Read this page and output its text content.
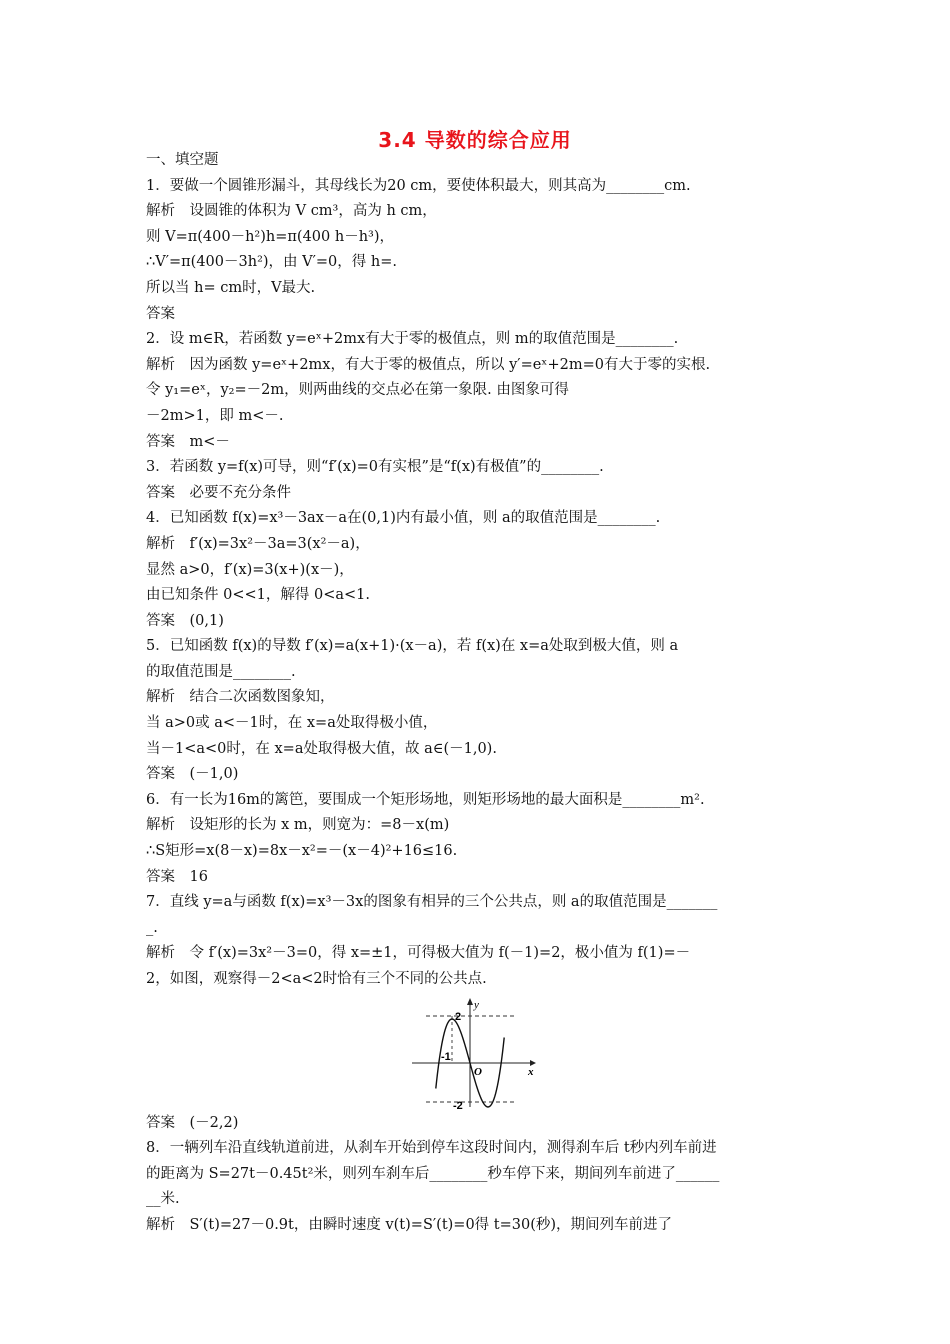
3.4 导数的综合应用
一、填空题
1．要做一个圆锥形漏斗，其母线长为20 cm，要使体积最大，则其高为________cm.
解析　设圆锥的体积为 V cm³，高为 h cm，
则 V=π(400－h²)h=π(400 h－h³)，
∴V′=π(400－3h²)，由 V′=0，得 h=.
所以当 h= cm时，V最大.
答案
2．设 m∈R，若函数 y=eˣ+2mx有大于零的极值点，则 m的取值范围是________.
解析　因为函数 y=eˣ+2mx，有大于零的极值点，所以 y′=eˣ+2m=0有大于零的实根.
令 y₁=eˣ，y₂=－2m，则两曲线的交点必在第一象限. 由图象可得
－2m>1，即 m<－.
答案　m<－
3．若函数 y=f(x)可导，则“f′(x)=0有实根”是“f(x)有极值”的________.
答案　必要不充分条件
4．已知函数 f(x)=x³－3ax－a在(0,1)内有最小值，则 a的取值范围是________.
解析　f′(x)=3x²－3a=3(x²－a)，
显然 a>0，f′(x)=3(x+)(x－)，
由已知条件 0<<1，解得 0<a<1.
答案　(0,1)
5．已知函数 f(x)的导数 f′(x)=a(x+1)·(x－a)，若 f(x)在 x=a处取到极大值，则 a
的取值范围是________.
解析　结合二次函数图象知，
当 a>0或 a<－1时，在 x=a处取得极小值，
当－1<a<0时，在 x=a处取得极大值，故 a∈(－1,0).
答案　(－1,0)
6．有一长为16m的篱笆，要围成一个矩形场地，则矩形场地的最大面积是________m².
解析　设矩形的长为 x m，则宽为：=8－x(m)
∴S矩形=x(8－x)=8x－x²=－(x－4)²+16≤16.
答案　16
7．直线 y=a与函数 f(x)=x³－3x的图象有相异的三个公共点，则 a的取值范围是_______
_.
解析　令 f′(x)=3x²－3=0，得 x=±1，可得极大值为 f(－1)=2，极小值为 f(1)=－
2，如图，观察得－2<a<2时恰有三个不同的公共点.
y
x
2
-2
-1
O
答案　(－2,2)
8．一辆列车沿直线轨道前进，从刹车开始到停车这段时间内，测得刹车后 t秒内列车前进
的距离为 S=27t－0.45t²米，则列车刹车后________秒车停下来，期间列车前进了______
__米.
解析　S′(t)=27－0.9t，由瞬时速度 v(t)=S′(t)=0得 t=30(秒)，期间列车前进了
